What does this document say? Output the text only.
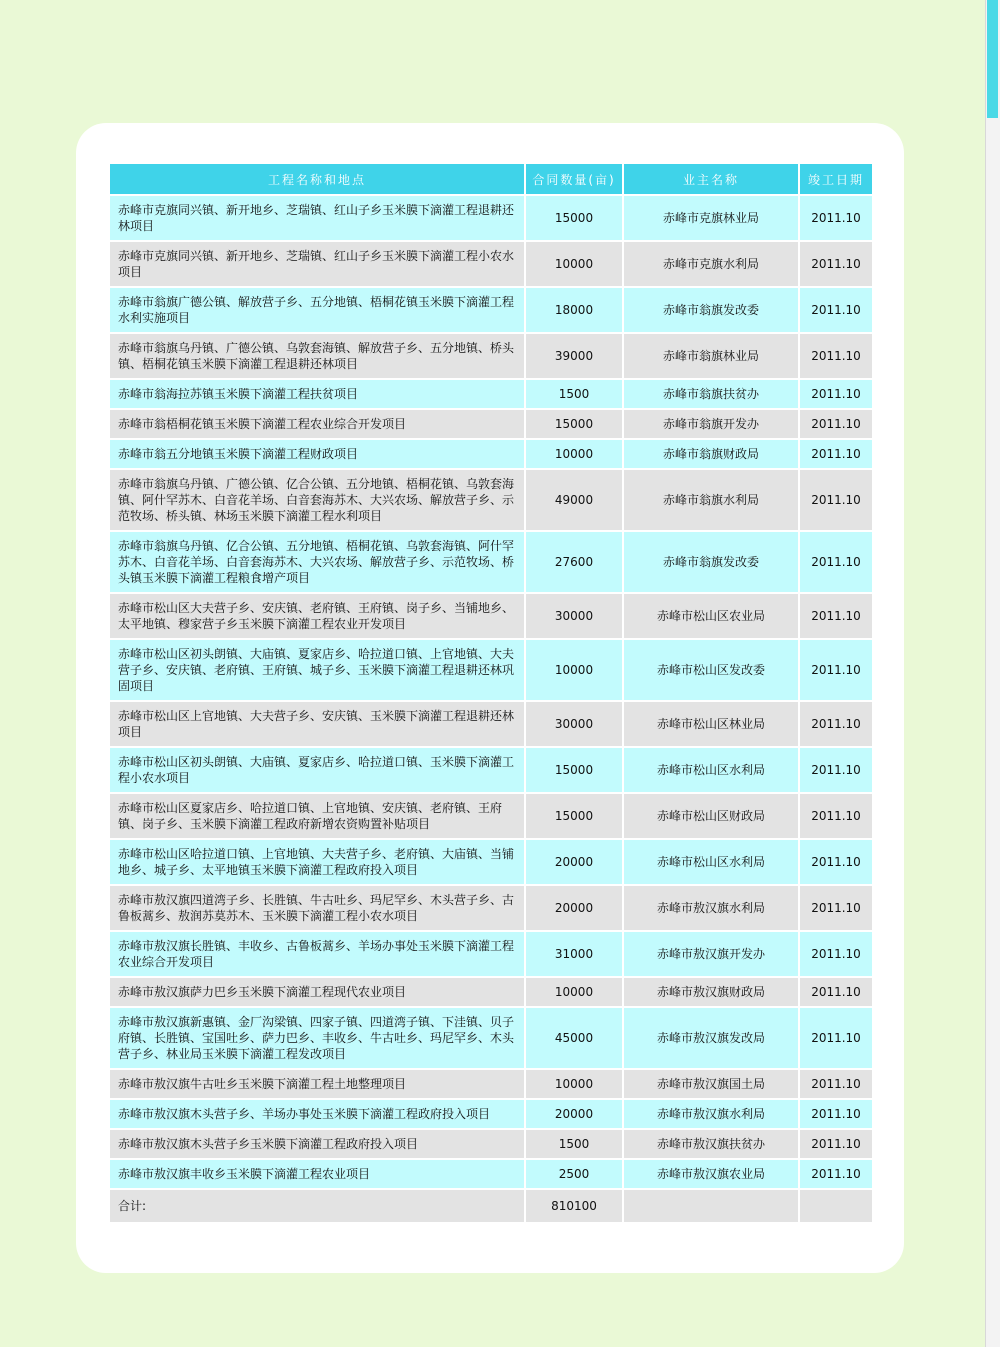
工程名称和地点	合同数量(亩)	业主名称	竣工日期
赤峰市克旗同兴镇、新开地乡、芝瑞镇、红山子乡玉米膜下滴灌工程退耕还林项目	15000	赤峰市克旗林业局	2011.10
赤峰市克旗同兴镇、新开地乡、芝瑞镇、红山子乡玉米膜下滴灌工程小农水项目	10000	赤峰市克旗水利局	2011.10
赤峰市翁旗广德公镇、解放营子乡、五分地镇、梧桐花镇玉米膜下滴灌工程水利实施项目	18000	赤峰市翁旗发改委	2011.10
赤峰市翁旗乌丹镇、广德公镇、乌敦套海镇、解放营子乡、五分地镇、桥头镇、梧桐花镇玉米膜下滴灌工程退耕还林项目	39000	赤峰市翁旗林业局	2011.10
赤峰市翁海拉苏镇玉米膜下滴灌工程扶贫项目	1500	赤峰市翁旗扶贫办	2011.10
赤峰市翁梧桐花镇玉米膜下滴灌工程农业综合开发项目	15000	赤峰市翁旗开发办	2011.10
赤峰市翁五分地镇玉米膜下滴灌工程财政项目	10000	赤峰市翁旗财政局	2011.10
赤峰市翁旗乌丹镇、广德公镇、亿合公镇、五分地镇、梧桐花镇、乌敦套海镇、阿什罕苏木、白音花羊场、白音套海苏木、大兴农场、解放营子乡、示范牧场、桥头镇、林场玉米膜下滴灌工程水利项目	49000	赤峰市翁旗水利局	2011.10
赤峰市翁旗乌丹镇、亿合公镇、五分地镇、梧桐花镇、乌敦套海镇、阿什罕苏木、白音花羊场、白音套海苏木、大兴农场、解放营子乡、示范牧场、桥头镇玉米膜下滴灌工程粮食增产项目	27600	赤峰市翁旗发改委	2011.10
赤峰市松山区大夫营子乡、安庆镇、老府镇、王府镇、岗子乡、当铺地乡、太平地镇、穆家营子乡玉米膜下滴灌工程农业开发项目	30000	赤峰市松山区农业局	2011.10
赤峰市松山区初头朗镇、大庙镇、夏家店乡、哈拉道口镇、上官地镇、大夫营子乡、安庆镇、老府镇、王府镇、城子乡、玉米膜下滴灌工程退耕还林巩固项目	10000	赤峰市松山区发改委	2011.10
赤峰市松山区上官地镇、大夫营子乡、安庆镇、玉米膜下滴灌工程退耕还林项目	30000	赤峰市松山区林业局	2011.10
赤峰市松山区初头朗镇、大庙镇、夏家店乡、哈拉道口镇、玉米膜下滴灌工程小农水项目	15000	赤峰市松山区水利局	2011.10
赤峰市松山区夏家店乡、哈拉道口镇、上官地镇、安庆镇、老府镇、王府镇、岗子乡、玉米膜下滴灌工程政府新增农资购置补贴项目	15000	赤峰市松山区财政局	2011.10
赤峰市松山区哈拉道口镇、上官地镇、大夫营子乡、老府镇、大庙镇、当铺地乡、城子乡、太平地镇玉米膜下滴灌工程政府投入项目	20000	赤峰市松山区水利局	2011.10
赤峰市敖汉旗四道湾子乡、长胜镇、牛古吐乡、玛尼罕乡、木头营子乡、古鲁板蒿乡、敖润苏莫苏木、玉米膜下滴灌工程小农水项目	20000	赤峰市敖汉旗水利局	2011.10
赤峰市敖汉旗长胜镇、丰收乡、古鲁板蒿乡、羊场办事处玉米膜下滴灌工程农业综合开发项目	31000	赤峰市敖汉旗开发办	2011.10
赤峰市敖汉旗萨力巴乡玉米膜下滴灌工程现代农业项目	10000	赤峰市敖汉旗财政局	2011.10
赤峰市敖汉旗新惠镇、金厂沟梁镇、四家子镇、四道湾子镇、下洼镇、贝子府镇、长胜镇、宝国吐乡、萨力巴乡、丰收乡、牛古吐乡、玛尼罕乡、木头营子乡、林业局玉米膜下滴灌工程发改项目	45000	赤峰市敖汉旗发改局	2011.10
赤峰市敖汉旗牛古吐乡玉米膜下滴灌工程土地整理项目	10000	赤峰市敖汉旗国土局	2011.10
赤峰市敖汉旗木头营子乡、羊场办事处玉米膜下滴灌工程政府投入项目	20000	赤峰市敖汉旗水利局	2011.10
赤峰市敖汉旗木头营子乡玉米膜下滴灌工程政府投入项目	1500	赤峰市敖汉旗扶贫办	2011.10
赤峰市敖汉旗丰收乡玉米膜下滴灌工程农业项目	2500	赤峰市敖汉旗农业局	2011.10
合计:	810100		
